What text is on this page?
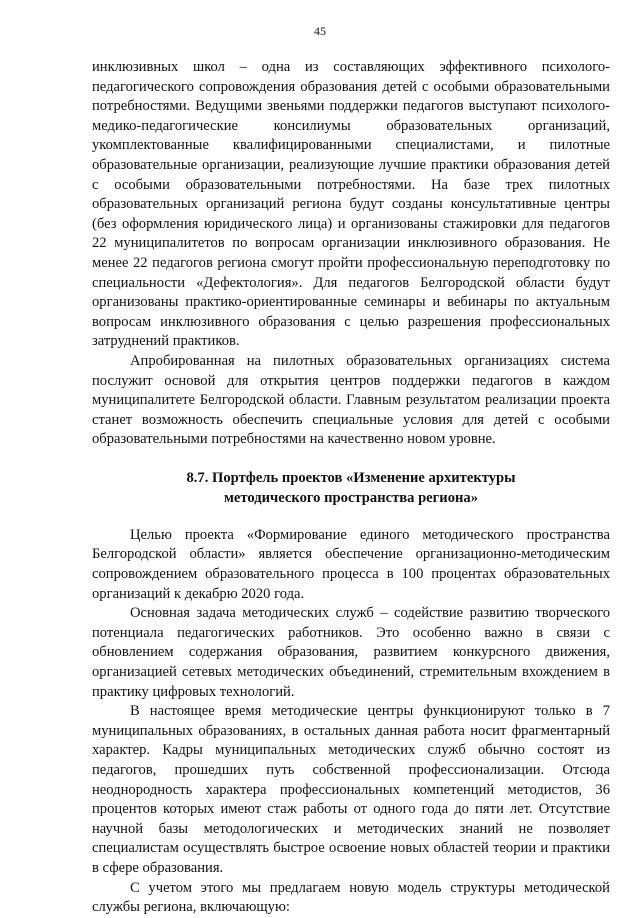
45

инклюзивных школ – одна из составляющих эффективного психолого-педагогического сопровождения образования детей с особыми образовательными потребностями. Ведущими звеньями поддержки педагогов выступают психолого-медико-педагогические консилиумы образовательных организаций, укомплектованные квалифицированными специалистами, и пилотные образовательные организации, реализующие лучшие практики образования детей с особыми образовательными потребностями. На базе трех пилотных образовательных организаций региона будут созданы консультативные центры (без оформления юридического лица) и организованы стажировки для педагогов 22 муниципалитетов по вопросам организации инклюзивного образования. Не менее 22 педагогов региона смогут пройти профессиональную переподготовку по специальности «Дефектология». Для педагогов Белгородской области будут организованы практико-ориентированные семинары и вебинары по актуальным вопросам инклюзивного образования с целью разрешения профессиональных затруднений практиков.

Апробированная на пилотных образовательных организациях система послужит основой для открытия центров поддержки педагогов в каждом муниципалитете Белгородской области. Главным результатом реализации проекта станет возможность обеспечить специальные условия для детей с особыми образовательными потребностями на качественно новом уровне.

8.7. Портфель проектов «Изменение архитектуры
методического пространства региона»

Целью проекта «Формирование единого методического пространства Белгородской области» является обеспечение организационно-методическим сопровождением образовательного процесса в 100 процентах образовательных организаций к декабрю 2020 года.

Основная задача методических служб – содействие развитию творческого потенциала педагогических работников. Это особенно важно в связи с обновлением содержания образования, развитием конкурсного движения, организацией сетевых методических объединений, стремительным вхождением в практику цифровых технологий.

В настоящее время методические центры функционируют только в 7 муниципальных образованиях, в остальных данная работа носит фрагментарный характер. Кадры муниципальных методических служб обычно состоят из педагогов, прошедших путь собственной профессионализации. Отсюда неоднородность характера профессиональных компетенций методистов, 36 процентов которых имеют стаж работы от одного года до пяти лет. Отсутствие научной базы методологических и методических знаний не позволяет специалистам осуществлять быстрое освоение новых областей теории и практики в сфере образования.

С учетом этого мы предлагаем новую модель структуры методической службы региона, включающую:
